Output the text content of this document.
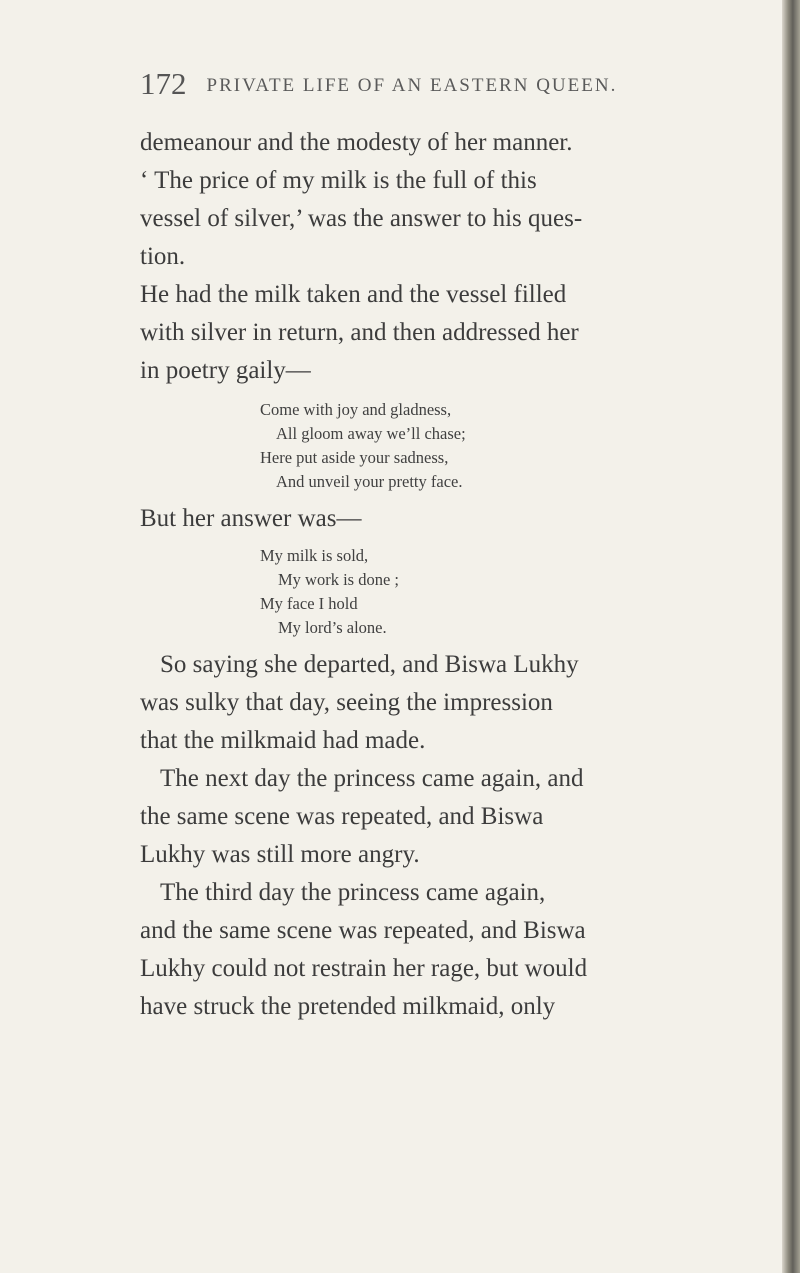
172 PRIVATE LIFE OF AN EASTERN QUEEN.
demeanour and the modesty of her manner.
‘ The price of my milk is the full of this
vessel of silver,’ was the answer to his ques-
tion.
He had the milk taken and the vessel filled
with silver in return, and then addressed her
in poetry gaily—
Come with joy and gladness,
All gloom away we’ll chase;
Here put aside your sadness,
And unveil your pretty face.
But her answer was—
My milk is sold,
My work is done ;
My face I hold
My lord’s alone.
So saying she departed, and Biswa Lukhy
was sulky that day, seeing the impression
that the milkmaid had made.
The next day the princess came again, and
the same scene was repeated, and Biswa
Lukhy was still more angry.
The third day the princess came again,
and the same scene was repeated, and Biswa
Lukhy could not restrain her rage, but would
have struck the pretended milkmaid, only
